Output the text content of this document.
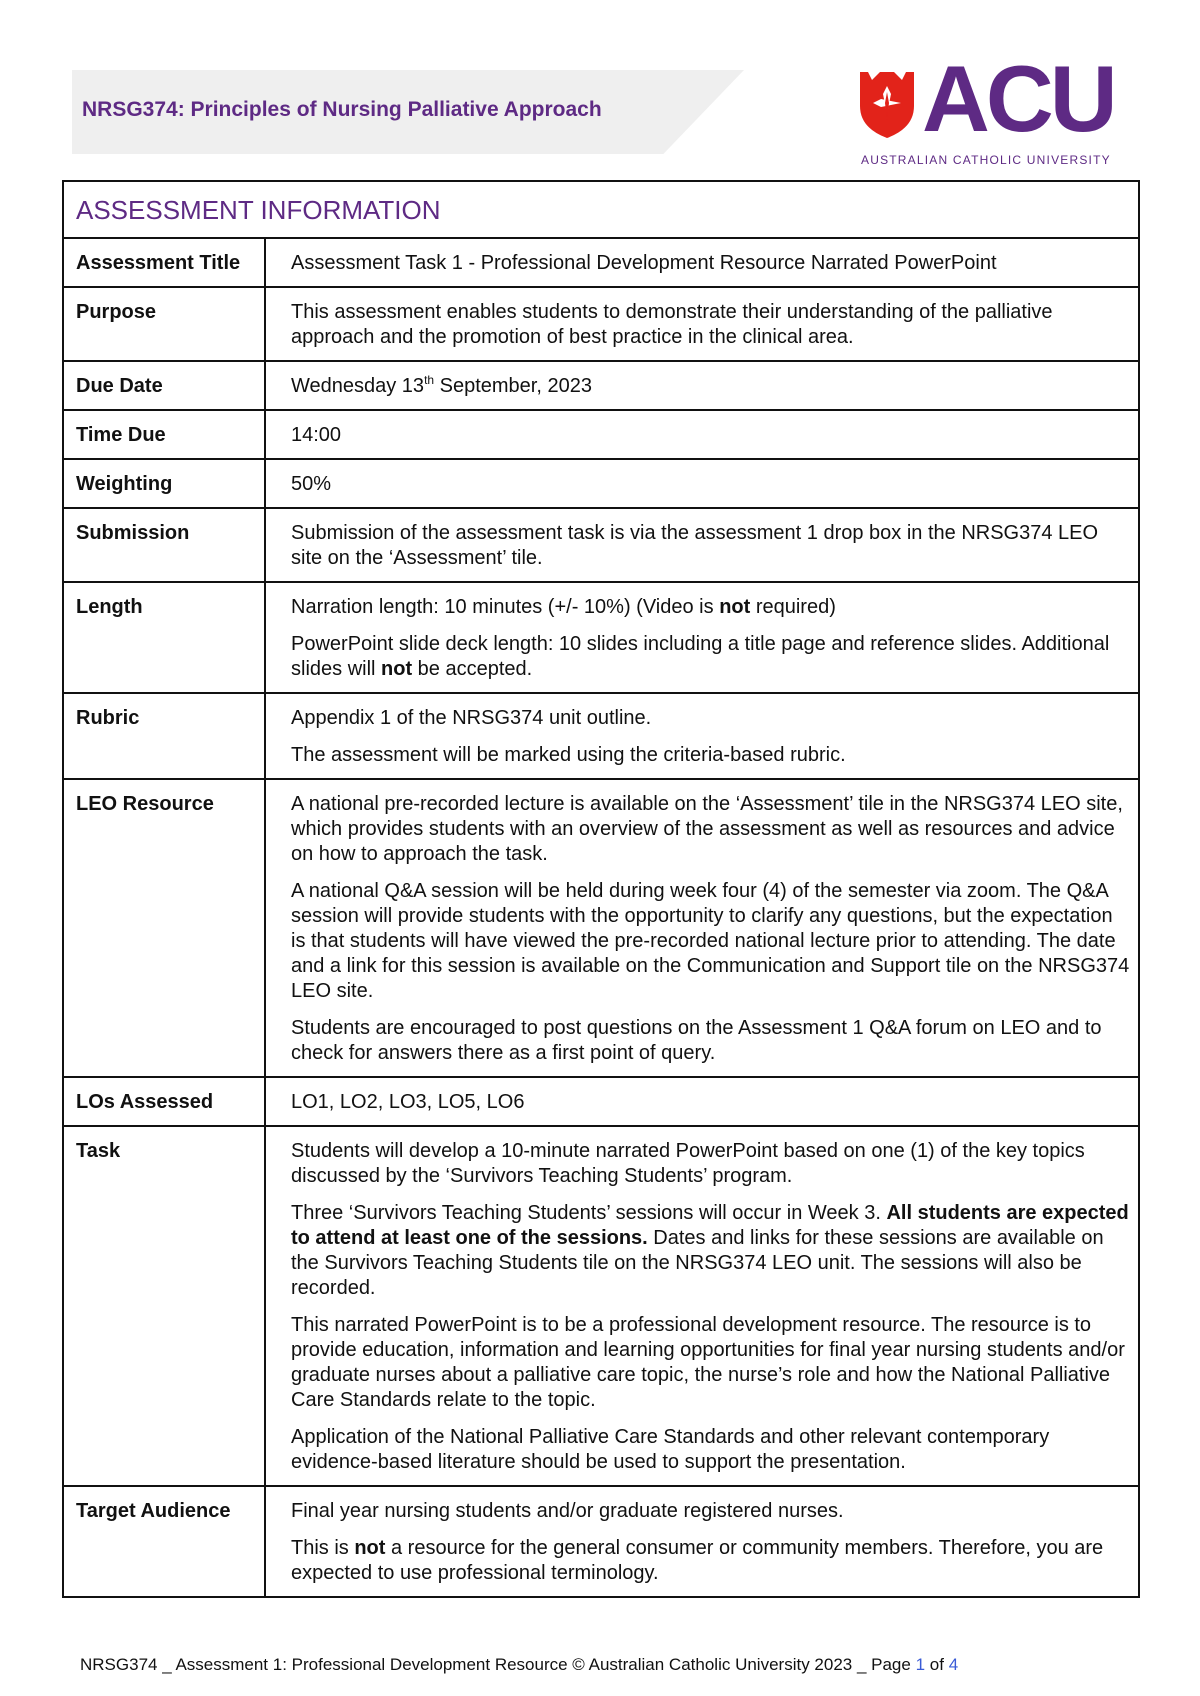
NRSG374: Principles of Nursing Palliative Approach	ACU
AUSTRALIAN CATHOLIC UNIVERSITY
ASSESSMENT INFORMATION	
Assessment Title	Assessment Task 1 - Professional Development Resource Narrated PowerPoint

Purpose	This assessment enables students to demonstrate their understanding of the palliative approach and the promotion of best practice in the clinical area.

Due Date	Wednesday 13th September, 2023

Time Due	14:00

Weighting	50%

Submission	Submission of the assessment task is via the assessment 1 drop box in the NRSG374 LEO site on the ‘Assessment’ tile.

Length	Narration length: 10 minutes (+/- 10%) (Video is not required)

PowerPoint slide deck length: 10 slides including a title page and reference slides. Additional slides will not be accepted.

Rubric	Appendix 1 of the NRSG374 unit outline.

The assessment will be marked using the criteria-based rubric.

LEO Resource	A national pre-recorded lecture is available on the ‘Assessment’ tile in the NRSG374 LEO site, which provides students with an overview of the assessment as well as resources and advice on how to approach the task.

A national Q&A session will be held during week four (4) of the semester via zoom. The Q&A session will provide students with the opportunity to clarify any questions, but the expectation is that students will have viewed the pre-recorded national lecture prior to attending. The date and a link for this session is available on the Communication and Support tile on the NRSG374 LEO site.

Students are encouraged to post questions on the Assessment 1 Q&A forum on LEO and to check for answers there as a first point of query.

LOs Assessed	LO1, LO2, LO3, LO5, LO6

Task	Students will develop a 10-minute narrated PowerPoint based on one (1) of the key topics discussed by the ‘Survivors Teaching Students’ program.

Three ‘Survivors Teaching Students’ sessions will occur in Week 3. All students are expected to attend at least one of the sessions. Dates and links for these sessions are available on the Survivors Teaching Students tile on the NRSG374 LEO unit. The sessions will also be recorded.

This narrated PowerPoint is to be a professional development resource. The resource is to provide education, information and learning opportunities for final year nursing students and/or graduate nurses about a palliative care topic, the nurse’s role and how the National Palliative Care Standards relate to the topic.

Application of the National Palliative Care Standards and other relevant contemporary evidence-based literature should be used to support the presentation.

Target Audience	Final year nursing students and/or graduate registered nurses.

This is not a resource for the general consumer or community members. Therefore, you are expected to use professional terminology.

NRSG374 _ Assessment 1: Professional Development Resource © Australian Catholic University 2023 _ Page 1 of 4
